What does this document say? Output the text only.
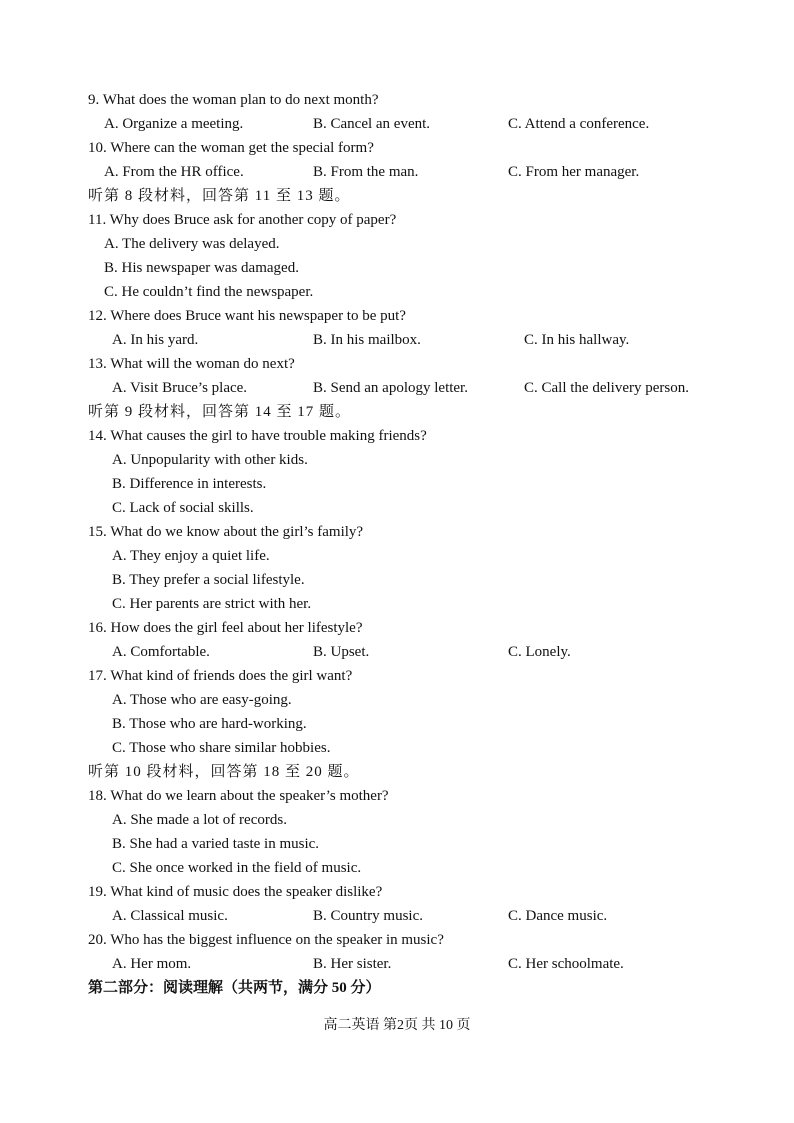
9. What does the woman plan to do next month?
A. Organize a meeting.	B. Cancel an event.	C. Attend a conference.
10. Where can the woman get the special form?
A. From the HR office.	B. From the man.	C. From her manager.
听第 8 段材料，回答第 11 至 13 题。
11. Why does Bruce ask for another copy of paper?
A. The delivery was delayed.
B. His newspaper was damaged.
C. He couldn’t find the newspaper.
12. Where does Bruce want his newspaper to be put?
A. In his yard.	B. In his mailbox.	C. In his hallway.
13. What will the woman do next?
A. Visit Bruce’s place.	B. Send an apology letter.	C. Call the delivery person.
听第 9 段材料，回答第 14 至 17 题。
14. What causes the girl to have trouble making friends?
A. Unpopularity with other kids.
B. Difference in interests.
C. Lack of social skills.
15. What do we know about the girl’s family?
A. They enjoy a quiet life.
B. They prefer a social lifestyle.
C. Her parents are strict with her.
16. How does the girl feel about her lifestyle?
A. Comfortable.	B. Upset.	C. Lonely.
17. What kind of friends does the girl want?
A. Those who are easy-going.
B. Those who are hard-working.
C. Those who share similar hobbies.
听第 10 段材料，回答第 18 至 20 题。
18. What do we learn about the speaker’s mother?
A. She made a lot of records.
B. She had a varied taste in music.
C. She once worked in the field of music.
19. What kind of music does the speaker dislike?
A. Classical music.	B. Country music.	C. Dance music.
20. Who has the biggest influence on the speaker in music?
A. Her mom.	B. Her sister.	C. Her schoolmate.
第二部分：阅读理解（共两节，满分 50 分）
高二英语 第2页 共 10 页
